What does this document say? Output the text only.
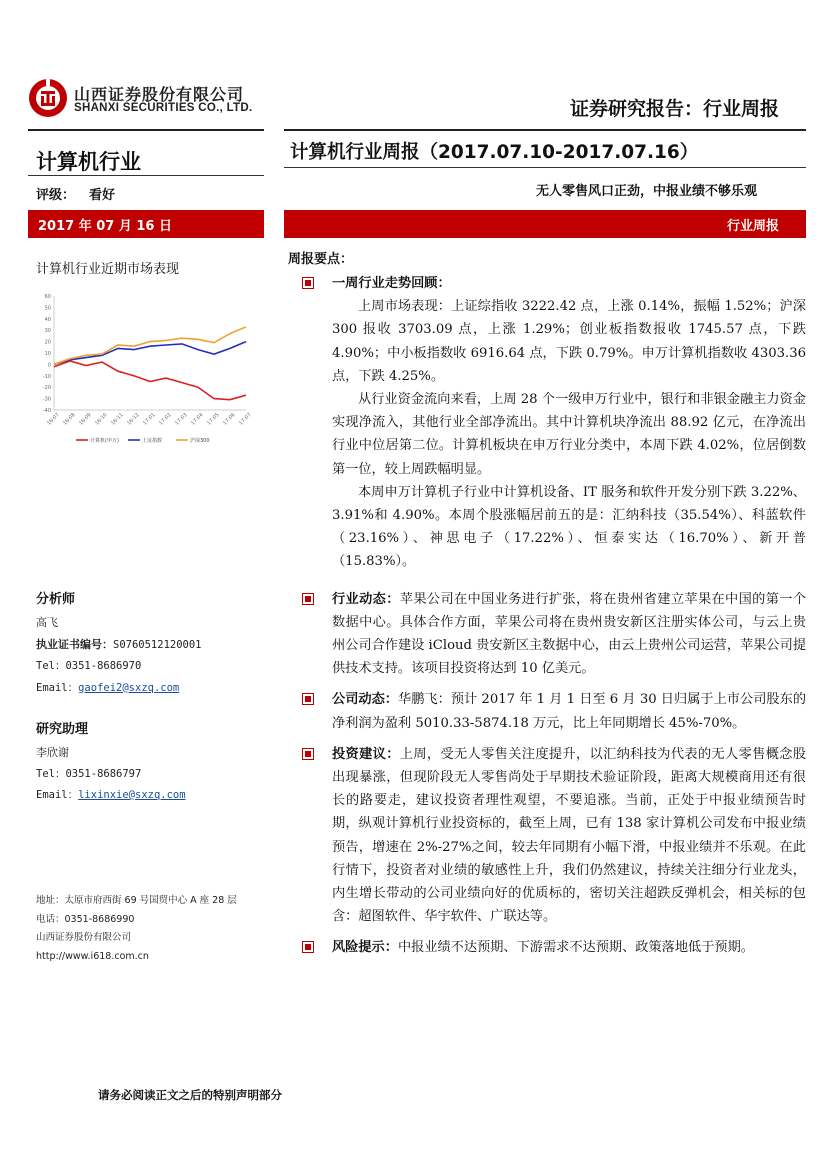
山西证券股份有限公司
SHANXI SECURITIES CO., LTD.	证券研究报告：行业周报
计算机行业	计算机行业周报（2017.07.10-2017.07.16）
评级： 看好	无人零售风口正劲，中报业绩不够乐观
2017 年 07 月 16 日	行业周报
计算机行业近期市场表现
60
50
40
30
20
10
0
-10
-20
-30
-40
16-07 16-08 16-09 16-10 16-11 16-12 17-01 17-02 17-03 17-04 17-05 17-06 17-07
计算机(申万)	上证指数	沪深300
分析师
高飞
执业证书编号：S0760512120001
Tel：0351-8686970
Email：gaofei2@sxzq.com
研究助理
李欣谢
Tel：0351-8686797
Email：lixinxie@sxzq.com
地址：太原市府西街 69 号国贸中心 A 座 28 层
电话：0351-8686990
山西证券股份有限公司
http://www.i618.com.cn
请务必阅读正文之后的特别声明部分
周报要点：
一周行业走势回顾：
上周市场表现：上证综指收 3222.42 点，上涨 0.14%，振幅 1.52%；沪深 300 报收 3703.09 点，上涨 1.29%；创业板指数报收 1745.57 点，下跌 4.90%；中小板指数收 6916.64 点，下跌 0.79%。申万计算机指数收 4303.36 点，下跌 4.25%。
从行业资金流向来看，上周 28 个一级申万行业中，银行和非银金融主力资金实现净流入，其他行业全部净流出。其中计算机块净流出 88.92 亿元，在净流出行业中位居第二位。计算机板块在申万行业分类中，本周下跌 4.02%，位居倒数第一位，较上周跌幅明显。
本周申万计算机子行业中计算机设备、IT 服务和软件开发分别下跌 3.22%、3.91%和 4.90%。本周个股涨幅居前五的是：汇纳科技（35.54%）、科蓝软件（23.16%）、神思电子（17.22%）、恒泰实达（16.70%）、新开普（15.83%）。
行业动态：苹果公司在中国业务进行扩张，将在贵州省建立苹果在中国的第一个数据中心。具体合作方面，苹果公司将在贵州贵安新区注册实体公司，与云上贵州公司合作建设 iCloud 贵安新区主数据中心，由云上贵州公司运营，苹果公司提供技术支持。该项目投资将达到 10 亿美元。
公司动态：华鹏飞：预计 2017 年 1 月 1 日至 6 月 30 日归属于上市公司股东的净利润为盈利 5010.33-5874.18 万元，比上年同期增长 45%-70%。
投资建议：上周，受无人零售关注度提升，以汇纳科技为代表的无人零售概念股出现暴涨，但现阶段无人零售尚处于早期技术验证阶段，距离大规模商用还有很长的路要走，建议投资者理性观望，不要追涨。当前，正处于中报业绩预告时期，纵观计算机行业投资标的，截至上周，已有 138 家计算机公司发布中报业绩预告，增速在 2%-27%之间，较去年同期有小幅下滑，中报业绩并不乐观。在此行情下，投资者对业绩的敏感性上升，我们仍然建议，持续关注细分行业龙头，内生增长带动的公司业绩向好的优质标的，密切关注超跌反弹机会，相关标的包含：超图软件、华宇软件、广联达等。
风险提示：中报业绩不达预期、下游需求不达预期、政策落地低于预期。
